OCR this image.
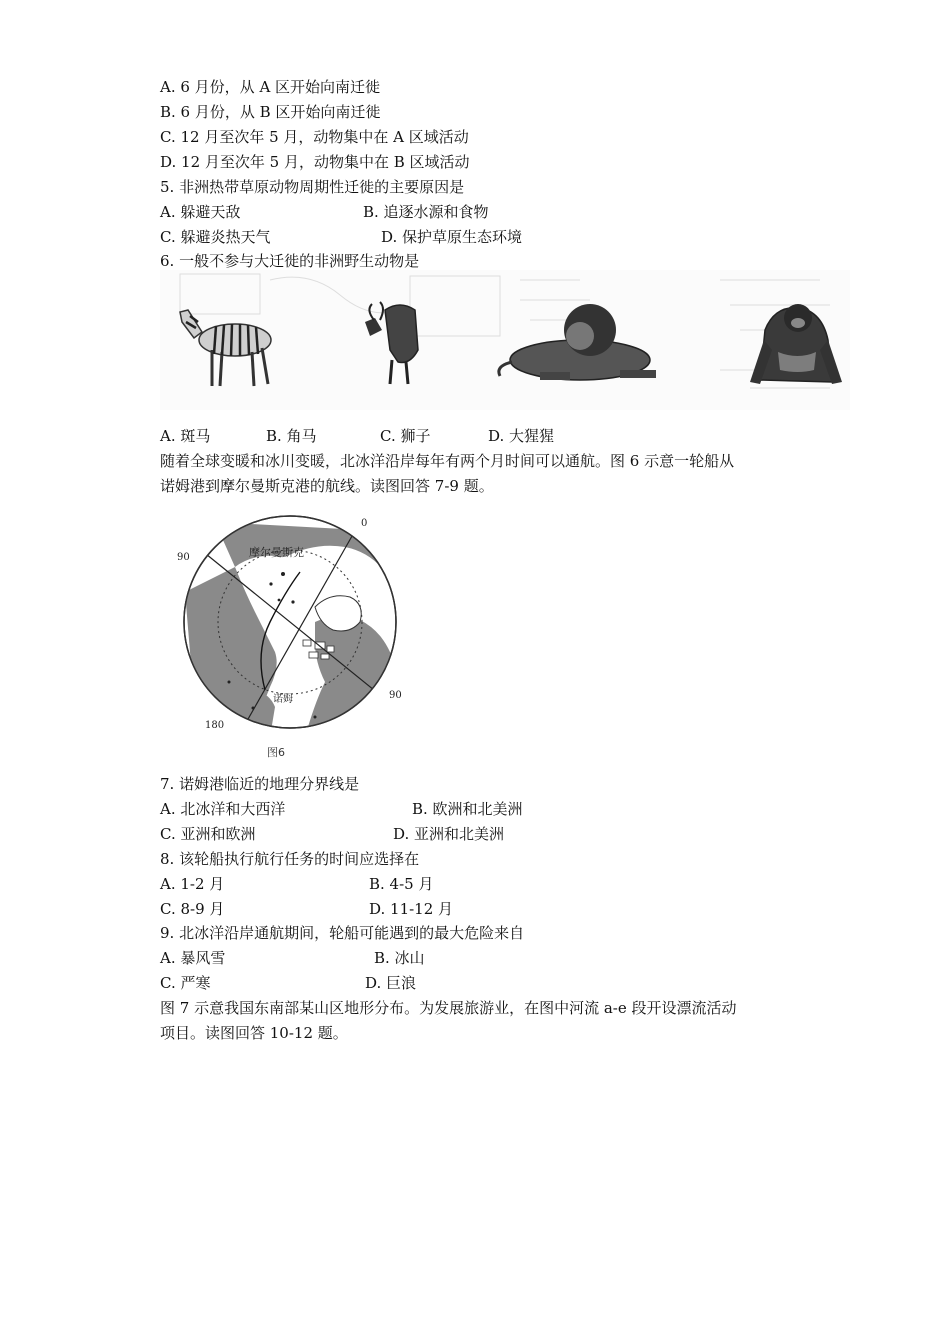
A. 6 月份，从 A 区开始向南迁徙
B. 6 月份，从 B 区开始向南迁徙
C. 12 月至次年 5 月，动物集中在 A 区域活动
D. 12 月至次年 5 月，动物集中在 B 区域活动
5. 非洲热带草原动物周期性迁徙的主要原因是
A. 躲避天敌	B. 追逐水源和食物
C. 躲避炎热天气	D. 保护草原生态环境
6. 一般不参与大迁徙的非洲野生动物是
A. 斑马	B. 角马	C. 狮子	D. 大猩猩
随着全球变暖和冰川变暖，北冰洋沿岸每年有两个月时间可以通航。图 6 示意一轮船从
诺姆港到摩尔曼斯克港的航线。读图回答 7-9 题。
0
90
90
180
摩尔曼斯克
诺姆
图6
7. 诺姆港临近的地理分界线是
A. 北冰洋和大西洋	B. 欧洲和北美洲
C. 亚洲和欧洲	D. 亚洲和北美洲
8. 该轮船执行航行任务的时间应选择在
A. 1-2 月	B. 4-5 月
C. 8-9 月	D. 11-12 月
9. 北冰洋沿岸通航期间，轮船可能遇到的最大危险来自
A. 暴风雪	B. 冰山
C. 严寒	D. 巨浪
图 7 示意我国东南部某山区地形分布。为发展旅游业，在图中河流 a-e 段开设漂流活动
项目。读图回答 10-12 题。
